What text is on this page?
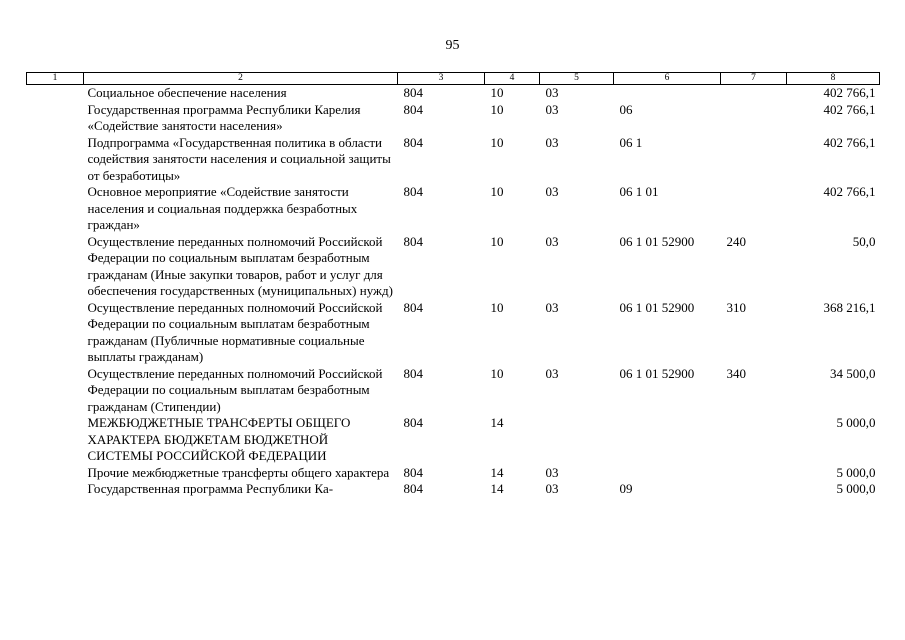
95
1	2	3	4	5	6	7	8
	Социальное обеспечение населения	804	10	03			402 766,1
	Государственная программа Республики Карелия «Содействие занятости населения»	804	10	03	06		402 766,1
	Подпрограмма «Государственная политика в области содействия занятости населения и социальной защиты от безработицы»	804	10	03	06 1		402 766,1
	Основное мероприятие «Содействие занятости населения и социальная поддержка безработных граждан»	804	10	03	06 1 01		402 766,1
	Осуществление переданных полномочий Российской Федерации по социальным выплатам безработным гражданам (Иные закупки товаров, работ и услуг для обеспечения государственных (муниципальных) нужд)	804	10	03	06 1 01 52900	240	50,0
	Осуществление переданных полномочий Российской Федерации по социальным выплатам безработным гражданам (Публичные нормативные социальные выплаты гражданам)	804	10	03	06 1 01 52900	310	368 216,1
	Осуществление переданных полномочий Российской Федерации по социальным выплатам безработным гражданам (Стипендии)	804	10	03	06 1 01 52900	340	34 500,0
	МЕЖБЮДЖЕТНЫЕ ТРАНСФЕРТЫ ОБЩЕГО ХАРАКТЕРА БЮДЖЕТАМ БЮДЖЕТНОЙ СИСТЕМЫ РОССИЙСКОЙ ФЕДЕРАЦИИ	804	14				5 000,0
	Прочие межбюджетные трансферты общего характера	804	14	03			5 000,0
	Государственная программа Республики Ка-	804	14	03	09		5 000,0
